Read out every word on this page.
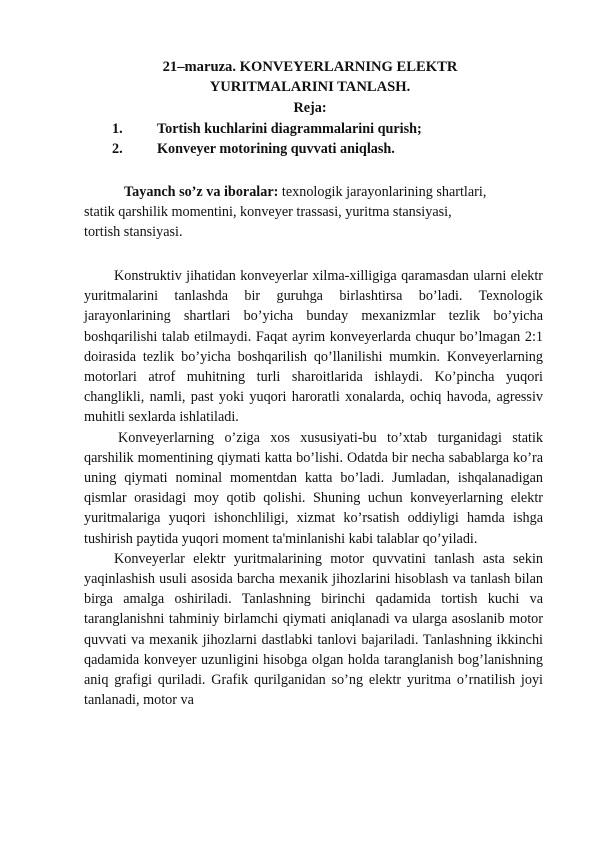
21–maruza. KONVEYERLARNING ELEKTR
YURITMALARINI TANLASH.
Reja:
1. Tortish kuchlarini diagrammalarini qurish;
2. Konveyer motorining quvvati aniqlash.
Tayanch so’z va iboralar: texnologik jarayonlarining shartlari,
statik qarshilik momentini, konveyer trassasi, yuritma stansiyasi,
tortish stansiyasi.

Konstruktiv jihatidan konveyerlar xilma-xilligiga qaramasdan ularni elektr yuritmalarini tanlashda bir guruhga birlashtirsa bo’ladi. Texnologik jarayonlarining shartlari bo’yicha bunday mexanizmlar tezlik bo’yicha boshqarilishi talab etilmaydi. Faqat ayrim konveyerlarda chuqur bo’lmagan 2:1 doirasida tezlik bo’yicha boshqarilish qo’llanilishi mumkin. Konveyerlarning motorlari atrof muhitning turli sharoitlarida ishlaydi. Ko’pincha yuqori changlikli, namli, past yoki yuqori haroratli xonalarda, ochiq havoda, agressiv muhitli sexlarda ishlatiladi.

Konveyerlarning o’ziga xos xususiyati-bu to’xtab turganidagi statik qarshilik momentining qiymati katta bo’lishi. Odatda bir necha sabablarga ko’ra uning qiymati nominal momentdan katta bo’ladi. Jumladan, ishqalanadigan qismlar orasidagi moy qotib qolishi. Shuning uchun konveyerlarning elektr yuritmalariga yuqori ishonchliligi, xizmat ko’rsatish oddiyligi hamda ishga tushirish paytida yuqori moment ta'minlanishi kabi talablar qo’yiladi.

Konveyerlar elektr yuritmalarining motor quvvatini tanlash asta sekin yaqinlashish usuli asosida barcha mexanik jihozlarini hisoblash va tanlash bilan birga amalga oshiriladi. Tanlashning birinchi qadamida tortish kuchi va taranglanishni tahminiy birlamchi qiymati aniqlanadi va ularga asoslanib motor quvvati va mexanik jihozlarni dastlabki tanlovi bajariladi. Tanlashning ikkinchi qadamida konveyer uzunligini hisobga olgan holda taranglanish bog’lanishning aniq grafigi quriladi. Grafik qurilganidan so’ng elektr yuritma o’rnatilish joyi tanlanadi, motor va
